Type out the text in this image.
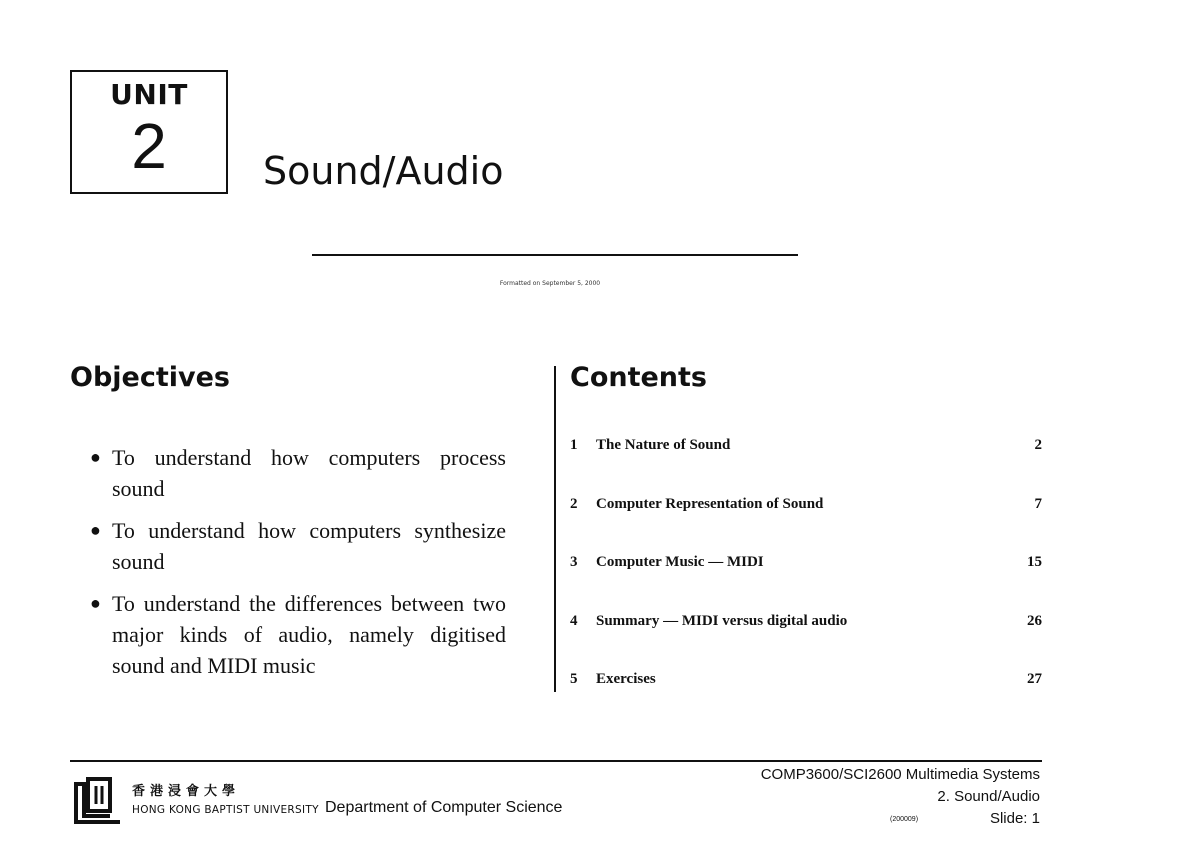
UNIT
2	Sound/Audio
Formatted on September 5, 2000
Objectives
● To understand how computers process sound
● To understand how computers synthesize sound
● To understand the differences between two major kinds of audio, namely digitised sound and MIDI music
Contents
1	The Nature of Sound	2
2	Computer Representation of Sound	7
3	Computer Music — MIDI	15
4	Summary — MIDI versus digital audio	26
5	Exercises	27
香港浸會大學
HONG KONG BAPTIST UNIVERSITY Department of Computer Science
COMP3600/SCI2600 Multimedia Systems
2. Sound/Audio
(200009)	Slide: 1
